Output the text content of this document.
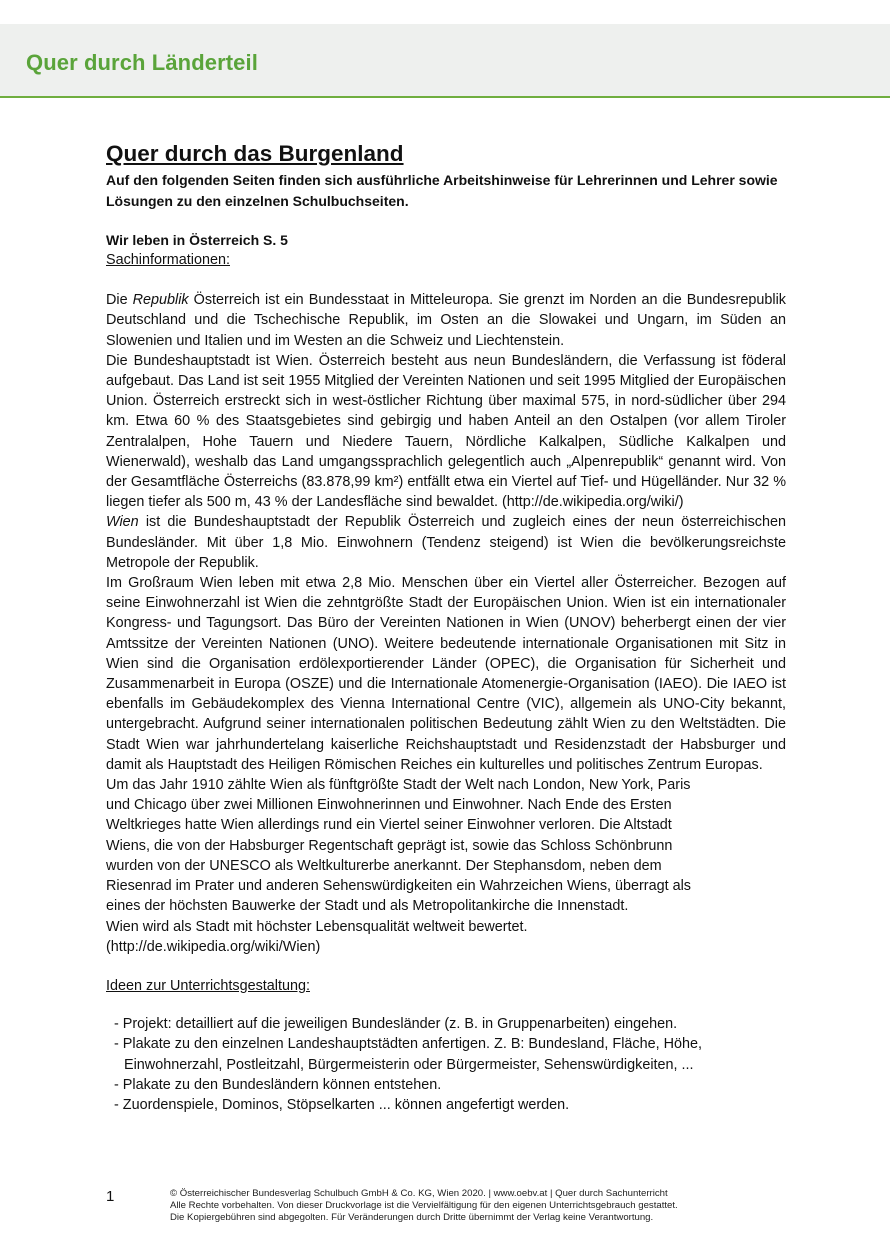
Quer durch Länderteil
Quer durch das Burgenland

Auf den folgenden Seiten finden sich ausführliche Arbeitshinweise für Lehrerinnen und Lehrer sowie Lösungen zu den einzelnen Schulbuchseiten.

Wir leben in Österreich S. 5
Sachinformationen:

Die Republik Österreich ist ein Bundesstaat in Mitteleuropa. Sie grenzt im Norden an die Bundesrepublik Deutschland und die Tschechische Republik, im Osten an die Slowakei und Ungarn, im Süden an Slowenien und Italien und im Westen an die Schweiz und Liechtenstein.

Die Bundeshauptstadt ist Wien. Österreich besteht aus neun Bundesländern, die Verfassung ist föderal aufgebaut. Das Land ist seit 1955 Mitglied der Vereinten Nationen und seit 1995 Mitglied der Europäischen Union. Österreich erstreckt sich in west-östlicher Richtung über maximal 575, in nord-südlicher über 294 km. Etwa 60 % des Staatsgebietes sind gebirgig und haben Anteil an den Ostalpen (vor allem Tiroler Zentralalpen, Hohe Tauern und Niedere Tauern, Nördliche Kalkalpen, Südliche Kalkalpen und Wienerwald), weshalb das Land umgangssprachlich gelegentlich auch „Alpenrepublik“ genannt wird. Von der Gesamtfläche Österreichs (83.878,99 km²) entfällt etwa ein Viertel auf Tief- und Hügelländer. Nur 32 % liegen tiefer als 500 m, 43 % der Landesfläche sind bewaldet. (http://de.wikipedia.org/wiki/)

Wien ist die Bundeshauptstadt der Republik Österreich und zugleich eines der neun österreichischen Bundesländer. Mit über 1,8 Mio. Einwohnern (Tendenz steigend) ist Wien die bevölkerungsreichste Metropole der Republik.

Im Großraum Wien leben mit etwa 2,8 Mio. Menschen über ein Viertel aller Österreicher. Bezogen auf seine Einwohnerzahl ist Wien die zehntgrößte Stadt der Europäischen Union. Wien ist ein internationaler Kongress- und Tagungsort. Das Büro der Vereinten Nationen in Wien (UNOV) beherbergt einen der vier Amtssitze der Vereinten Nationen (UNO). Weitere bedeutende internationale Organisationen mit Sitz in Wien sind die Organisation erdölexportierender Länder (OPEC), die Organisation für Sicherheit und Zusammenarbeit in Europa (OSZE) und die Internationale Atomenergie-Organisation (IAEO). Die IAEO ist ebenfalls im Gebäudekomplex des Vienna International Centre (VIC), allgemein als UNO-City bekannt, untergebracht. Aufgrund seiner internationalen politischen Bedeutung zählt Wien zu den Weltstädten. Die Stadt Wien war jahrhundertelang kaiserliche Reichshauptstadt und Residenzstadt der Habsburger und damit als Hauptstadt des Heiligen Römischen Reiches ein kulturelles und politisches Zentrum Europas.

Um das Jahr 1910 zählte Wien als fünftgrößte Stadt der Welt nach London, New York, Paris und Chicago über zwei Millionen Einwohnerinnen und Einwohner. Nach Ende des Ersten Weltkrieges hatte Wien allerdings rund ein Viertel seiner Einwohner verloren. Die Altstadt Wiens, die von der Habsburger Regentschaft geprägt ist, sowie das Schloss Schönbrunn wurden von der UNESCO als Weltkulturerbe anerkannt. Der Stephansdom, neben dem Riesenrad im Prater und anderen Sehenswürdigkeiten ein Wahrzeichen Wiens, überragt als eines der höchsten Bauwerke der Stadt und als Metropolitankirche die Innenstadt.

Wien wird als Stadt mit höchster Lebensqualität weltweit bewertet.

(http://de.wikipedia.org/wiki/Wien)

Ideen zur Unterrichtsgestaltung:
- Projekt: detailliert auf die jeweiligen Bundesländer (z. B. in Gruppenarbeiten) eingehen.
- Plakate zu den einzelnen Landeshauptstädten anfertigen. Z. B: Bundesland, Fläche, Höhe, Einwohnerzahl, Postleitzahl, Bürgermeisterin oder Bürgermeister, Sehenswürdigkeiten, ...
- Plakate zu den Bundesländern können entstehen.
- Zuordenspiele, Dominos, Stöpselkarten ... können angefertigt werden.
1	© Österreichischer Bundesverlag Schulbuch GmbH & Co. KG, Wien 2020. | www.oebv.at | Quer durch Sachunterricht
Alle Rechte vorbehalten. Von dieser Druckvorlage ist die Vervielfältigung für den eigenen Unterrichtsgebrauch gestattet.
Die Kopiergebühren sind abgegolten. Für Veränderungen durch Dritte übernimmt der Verlag keine Verantwortung.
